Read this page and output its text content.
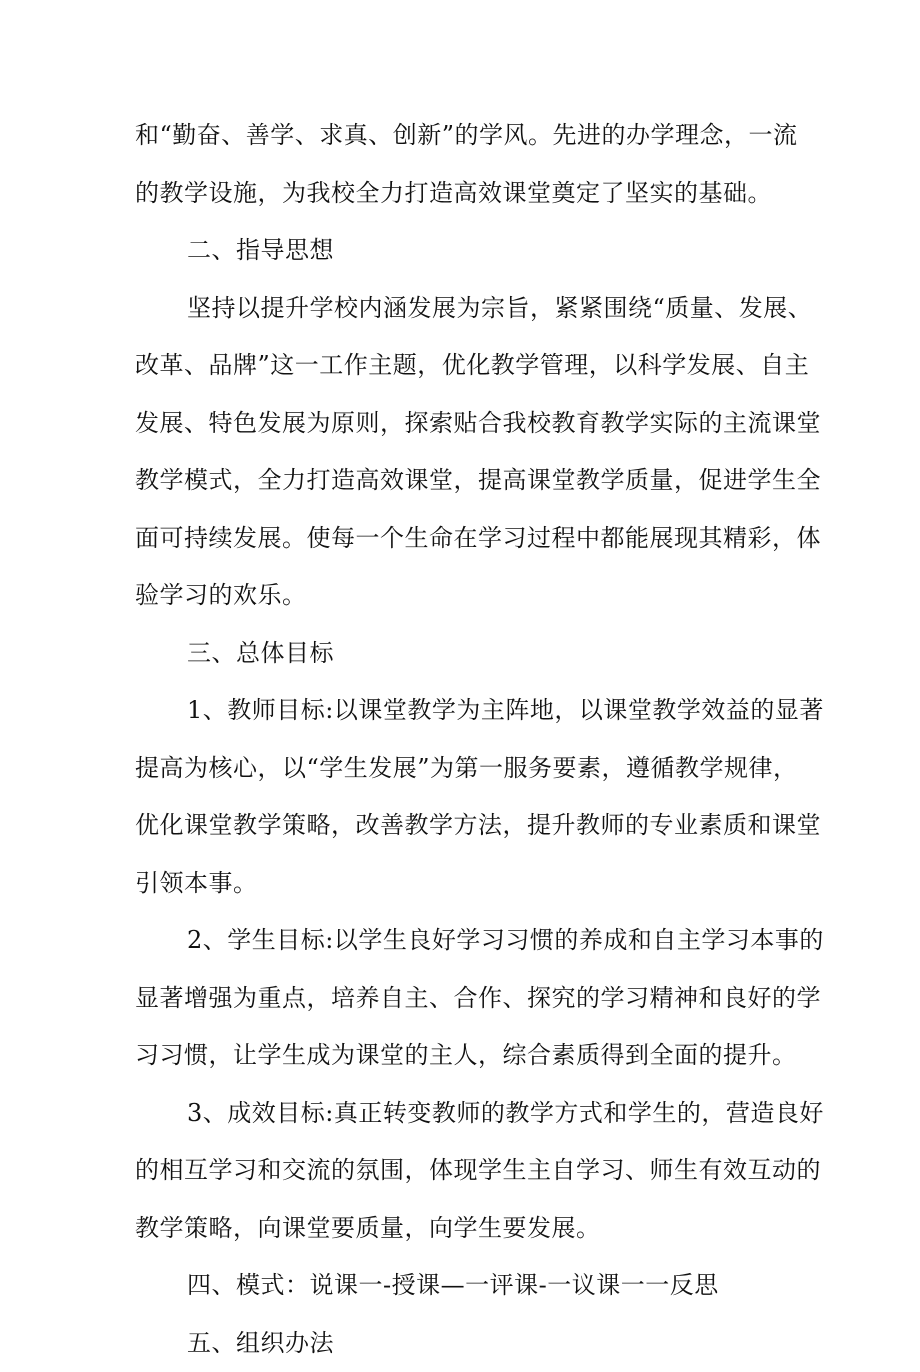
和“勤奋、善学、求真、创新”的学风。先进的办学理念，一流
的教学设施，为我校全力打造高效课堂奠定了坚实的基础。
二、指导思想
坚持以提升学校内涵发展为宗旨，紧紧围绕“质量、发展、
改革、品牌”这一工作主题，优化教学管理，以科学发展、自主
发展、特色发展为原则，探索贴合我校教育教学实际的主流课堂
教学模式，全力打造高效课堂，提高课堂教学质量，促进学生全
面可持续发展。使每一个生命在学习过程中都能展现其精彩，体
验学习的欢乐。
三、总体目标
1、教师目标:以课堂教学为主阵地，以课堂教学效益的显著
提高为核心，以“学生发展”为第一服务要素，遵循教学规律，
优化课堂教学策略，改善教学方法，提升教师的专业素质和课堂
引领本事。
2、学生目标:以学生良好学习习惯的养成和自主学习本事的
显著增强为重点，培养自主、合作、探究的学习精神和良好的学
习习惯，让学生成为课堂的主人，综合素质得到全面的提升。
3、成效目标:真正转变教师的教学方式和学生的，营造良好
的相互学习和交流的氛围，体现学生主自学习、师生有效互动的
教学策略，向课堂要质量，向学生要发展。
四、模式：说课一-授课—一评课-一议课一一反思
五、组织办法
